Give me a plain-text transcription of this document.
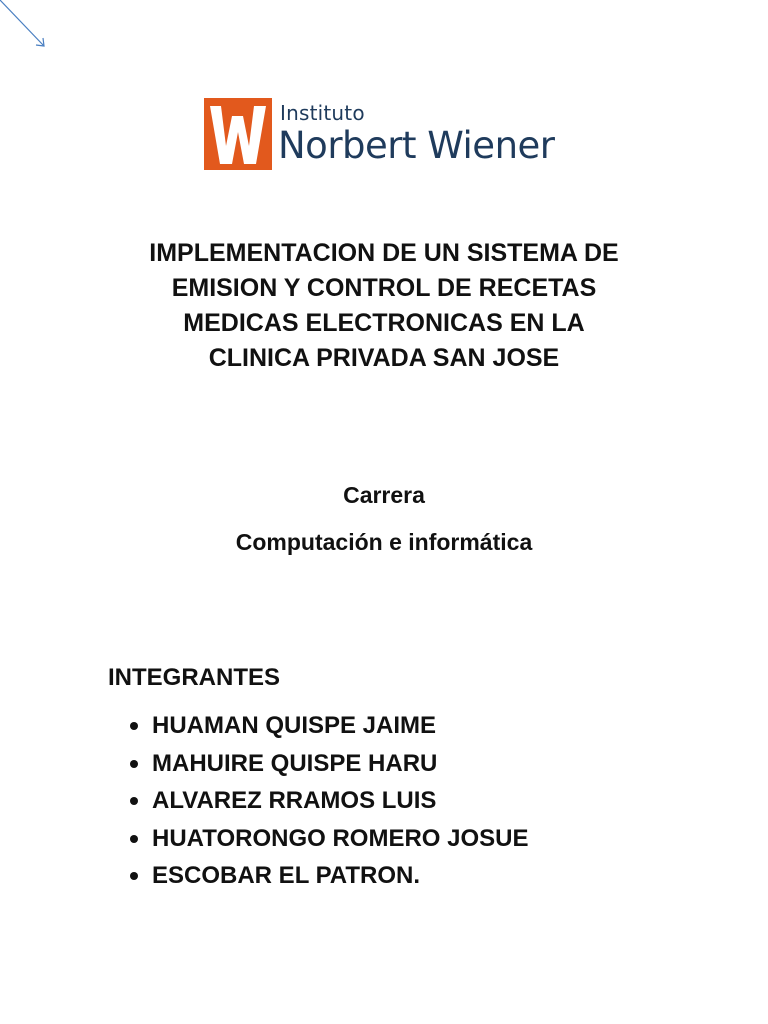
Instituto
Norbert Wiener
IMPLEMENTACION DE UN SISTEMA DE
EMISION Y CONTROL DE RECETAS
MEDICAS ELECTRONICAS EN LA
CLINICA PRIVADA SAN JOSE
Carrera
Computación e informática
INTEGRANTES
HUAMAN QUISPE JAIME
MAHUIRE QUISPE HARU
ALVAREZ RRAMOS LUIS
HUATORONGO ROMERO JOSUE
ESCOBAR EL PATRON.
